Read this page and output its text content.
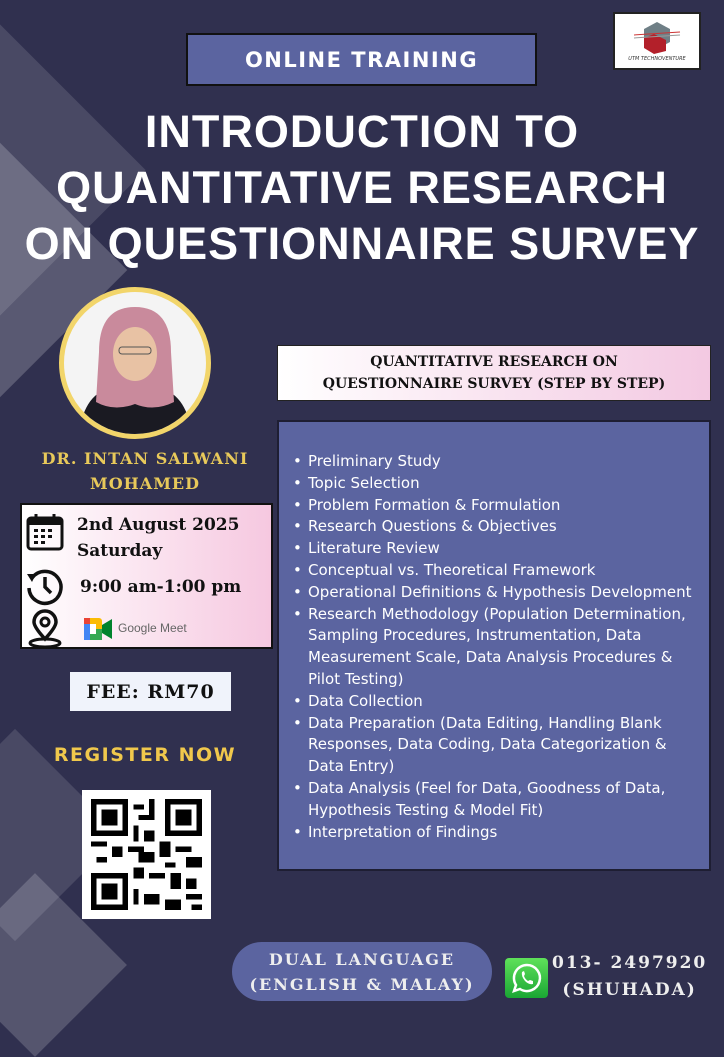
ONLINE TRAINING	UTM TECHNOVENTURE
INTRODUCTION TO
QUANTITATIVE RESEARCH
ON QUESTIONNAIRE SURVEY
DR. INTAN SALWANI
MOHAMED
2nd August 2025
Saturday
9:00 am-1:00 pm
Google Meet
FEE: RM70
REGISTER NOW
QUANTITATIVE RESEARCH ON
QUESTIONNAIRE SURVEY (STEP BY STEP)
• Preliminary Study
• Topic Selection
• Problem Formation & Formulation
• Research Questions & Objectives
• Literature Review
• Conceptual vs. Theoretical Framework
• Operational Definitions & Hypothesis Development
• Research Methodology (Population Determination, Sampling Procedures, Instrumentation, Data Measurement Scale, Data Analysis Procedures & Pilot Testing)
• Data Collection
• Data Preparation (Data Editing, Handling Blank Responses, Data Coding, Data Categorization & Data Entry)
• Data Analysis (Feel for Data, Goodness of Data, Hypothesis Testing & Model Fit)
• Interpretation of Findings
DUAL LANGUAGE
(ENGLISH & MALAY)
013- 2497920
(SHUHADA)
